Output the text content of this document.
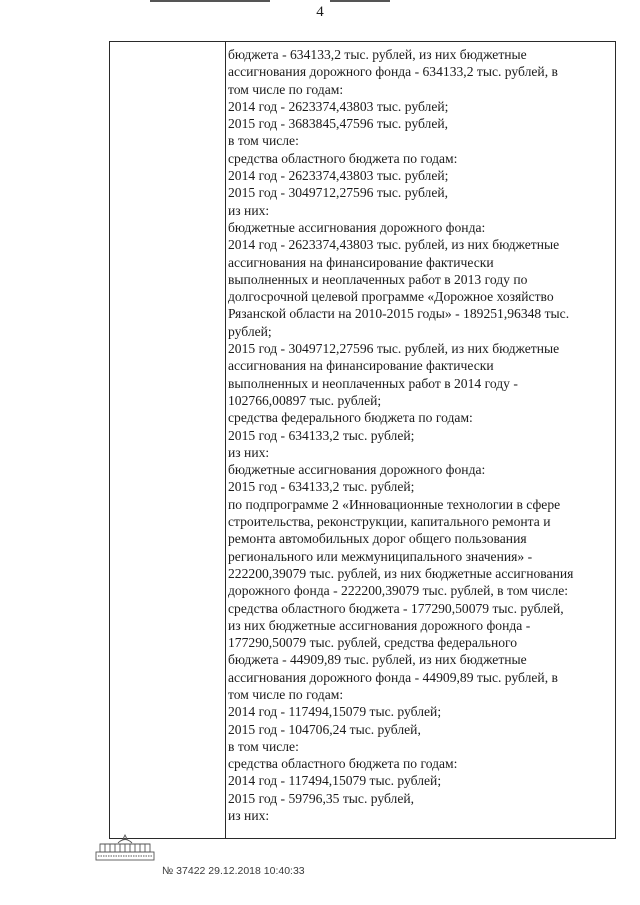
4
бюджета - 634133,2 тыс. рублей, из них бюджетные
ассигнования дорожного фонда - 634133,2 тыс. рублей, в
том числе по годам:
2014 год - 2623374,43803 тыс. рублей;
2015 год - 3683845,47596 тыс. рублей,
в том числе:
средства областного бюджета по годам:
2014 год - 2623374,43803 тыс. рублей;
2015 год - 3049712,27596 тыс. рублей,
из них:
бюджетные ассигнования дорожного фонда:
2014 год - 2623374,43803 тыс. рублей, из них бюджетные
ассигнования на финансирование фактически
выполненных и неоплаченных работ в 2013 году по
долгосрочной целевой программе «Дорожное хозяйство
Рязанской области на 2010-2015 годы» - 189251,96348 тыс.
рублей;
2015 год - 3049712,27596 тыс. рублей, из них бюджетные
ассигнования на финансирование фактически
выполненных и неоплаченных работ в 2014 году -
102766,00897 тыс. рублей;
средства федерального бюджета по годам:
2015 год - 634133,2 тыс. рублей;
из них:
бюджетные ассигнования дорожного фонда:
2015 год - 634133,2 тыс. рублей;
по подпрограмме 2 «Инновационные технологии в сфере
строительства, реконструкции, капитального ремонта и
ремонта автомобильных дорог общего пользования
регионального или межмуниципального значения» -
222200,39079 тыс. рублей, из них бюджетные ассигнования
дорожного фонда - 222200,39079 тыс. рублей, в том числе:
средства областного бюджета - 177290,50079 тыс. рублей,
из них бюджетные ассигнования дорожного фонда -
177290,50079 тыс. рублей, средства федерального
бюджета - 44909,89 тыс. рублей, из них бюджетные
ассигнования дорожного фонда - 44909,89 тыс. рублей, в
том числе по годам:
2014 год - 117494,15079 тыс. рублей;
2015 год - 104706,24 тыс. рублей,
в том числе:
средства областного бюджета по годам:
2014 год - 117494,15079 тыс. рублей;
2015 год - 59796,35 тыс. рублей,
из них:
№ 37422 29.12.2018 10:40:33
